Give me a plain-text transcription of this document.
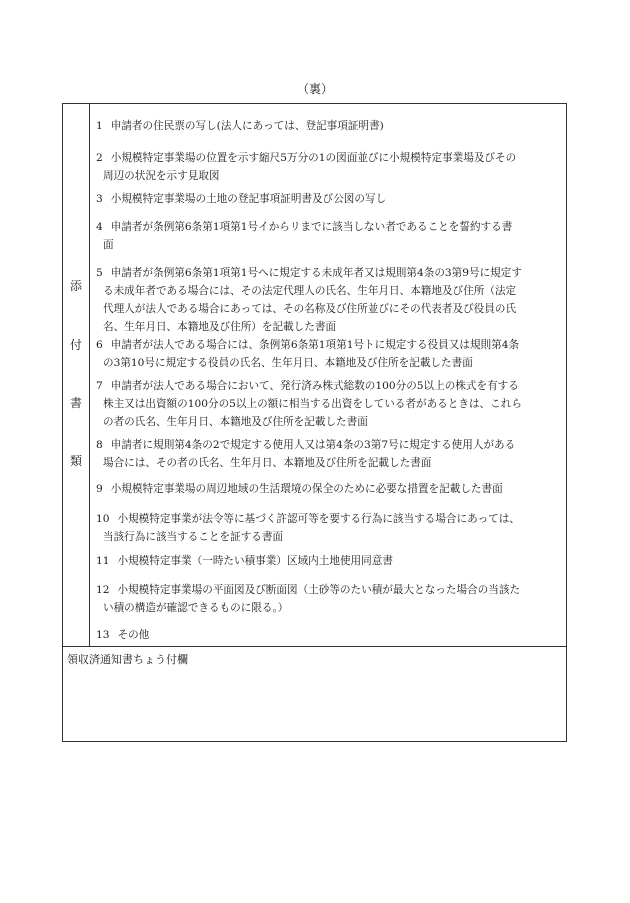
（裏）
添
付
書
類
1 申請者の住民票の写し(法人にあっては、登記事項証明書)
2 小規模特定事業場の位置を示す縮尺5万分の1の図面並びに小規模特定事業場及びその
周辺の状況を示す見取図
3 小規模特定事業場の土地の登記事項証明書及び公図の写し
4 申請者が条例第6条第1項第1号イからリまでに該当しない者であることを誓約する書
面
5 申請者が条例第6条第1項第1号へに規定する未成年者又は規則第4条の3第9号に規定す
る未成年者である場合には、その法定代理人の氏名、生年月日、本籍地及び住所（法定
代理人が法人である場合にあっては、その名称及び住所並びにその代表者及び役員の氏
名、生年月日、本籍地及び住所）を記載した書面
6 申請者が法人である場合には、条例第6条第1項第1号トに規定する役員又は規則第4条
の3第10号に規定する役員の氏名、生年月日、本籍地及び住所を記載した書面
7 申請者が法人である場合において、発行済み株式総数の100分の5以上の株式を有する
株主又は出資額の100分の5以上の額に相当する出資をしている者があるときは、これら
の者の氏名、生年月日、本籍地及び住所を記載した書面
8 申請者に規則第4条の2で規定する使用人又は第4条の3第7号に規定する使用人がある
場合には、その者の氏名、生年月日、本籍地及び住所を記載した書面
9 小規模特定事業場の周辺地域の生活環境の保全のために必要な措置を記載した書面
10 小規模特定事業が法令等に基づく許認可等を要する行為に該当する場合にあっては、
当該行為に該当することを証する書面
11 小規模特定事業（一時たい積事業）区域内土地使用同意書
12 小規模特定事業場の平面図及び断面図（土砂等のたい積が最大となった場合の当該た
い積の構造が確認できるものに限る。）
13 その他
領収済通知書ちょう付欄
